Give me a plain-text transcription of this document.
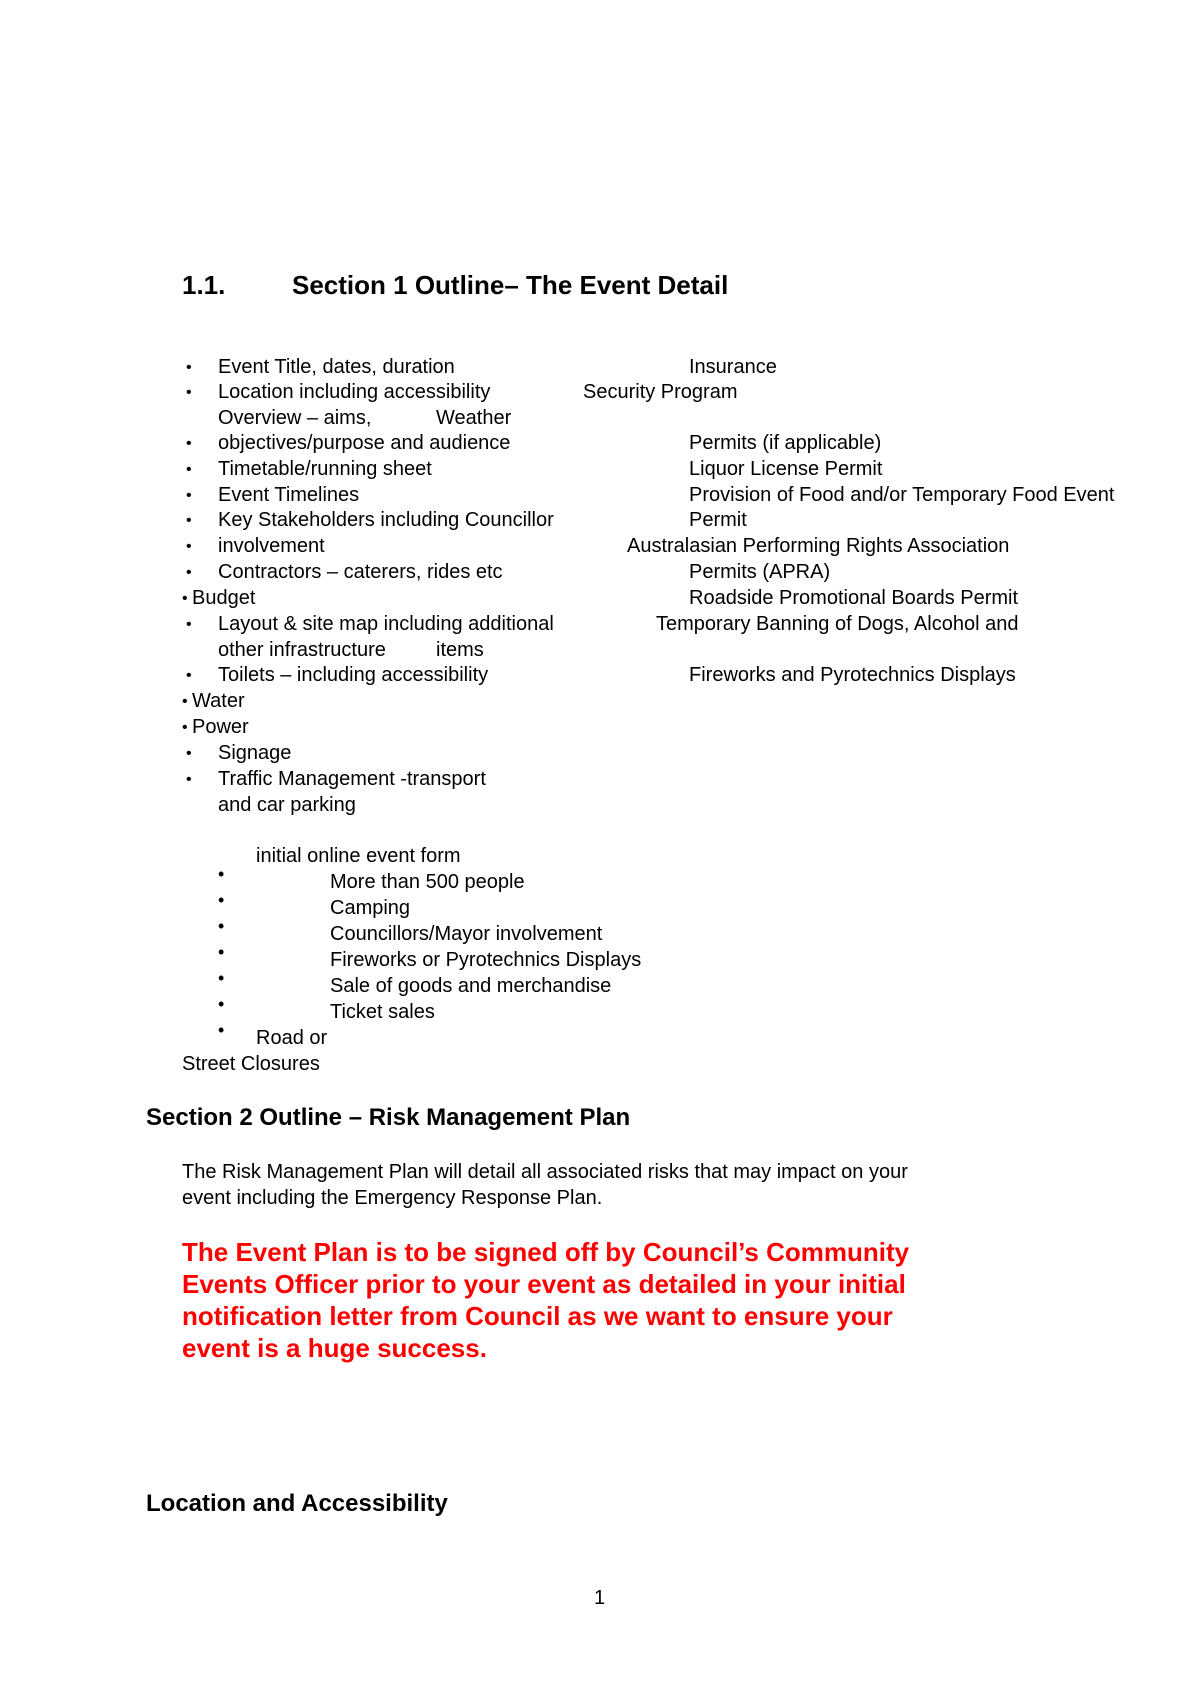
1.1.	Section 1 Outline– The Event Detail
• Event Title, dates, duration
• Location including accessibility
Overview – aims,
• objectives/purpose and audience
• Timetable/running sheet
• Event Timelines
• Key Stakeholders including Councillor
• involvement
• Contractors – caterers, rides etc
• Budget
• Layout & site map including additional
other infrastructure
• Toilets – including accessibility
• Water
• Power
• Signage
• Traffic Management -transport
and car parking
Insurance
Security Program
Weather
Permits (if applicable)
Liquor License Permit
Provision of Food and/or Temporary Food Event
Permit
Australasian Performing Rights Association
Permits (APRA)
Roadside Promotional Boards Permit
Temporary Banning of Dogs, Alcohol and
items
Fireworks and Pyrotechnics Displays
initial online event form
•	More than 500 people
•	Camping
•	Councillors/Mayor involvement
•	Fireworks or Pyrotechnics Displays
•	Sale of goods and merchandise
•	Ticket sales
• Road or
Street Closures
Section 2 Outline – Risk Management Plan
The Risk Management Plan will detail all associated risks that may impact on your
event including the Emergency Response Plan.
The Event Plan is to be signed off by Council’s Community
Events Officer prior to your event as detailed in your initial
notification letter from Council as we want to ensure your
event is a huge success.
Location and Accessibility
1
